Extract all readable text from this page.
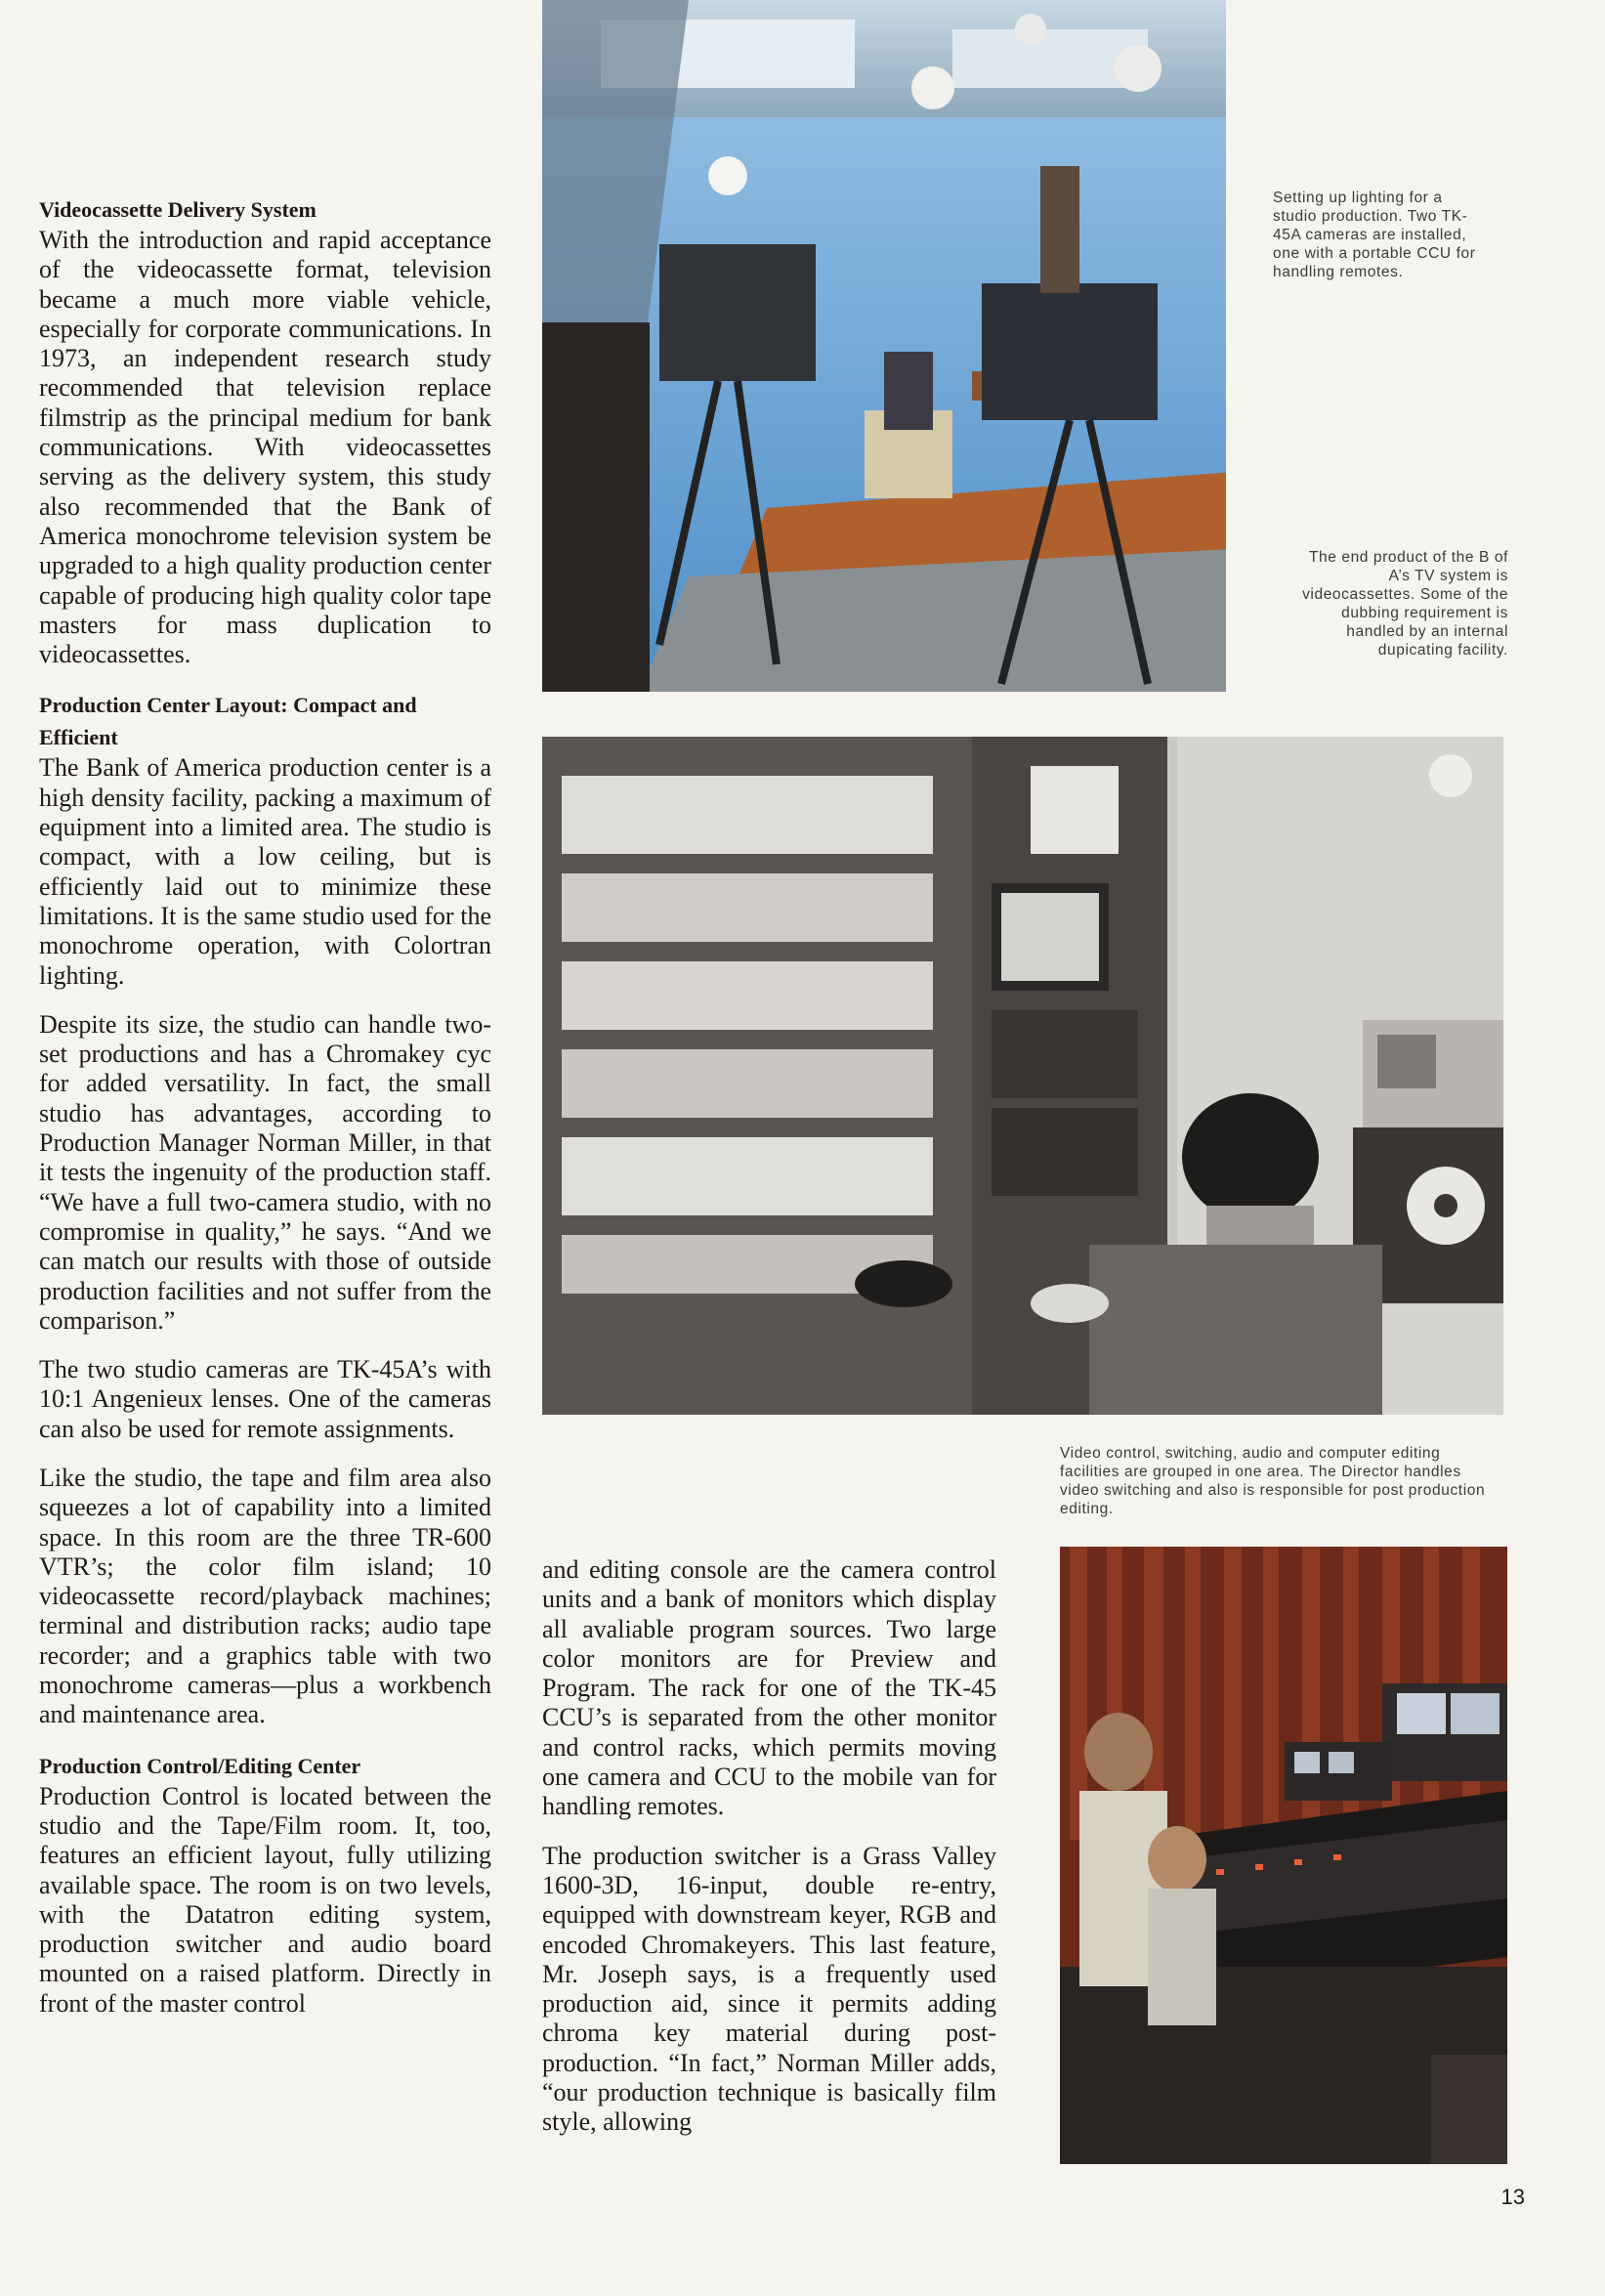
Videocassette Delivery System

With the introduction and rapid acceptance of the videocassette format, television became a much more viable vehicle, especially for corporate communications. In 1973, an independent research study recommended that television replace filmstrip as the principal medium for bank communications. With videocassettes serving as the delivery system, this study also recommended that the Bank of America monochrome television system be upgraded to a high quality production center capable of producing high quality color tape masters for mass duplication to videocassettes.

Production Center Layout: Compact and Efficient

The Bank of America production center is a high density facility, packing a maximum of equipment into a limited area. The studio is compact, with a low ceiling, but is efficiently laid out to minimize these limitations. It is the same studio used for the monochrome operation, with Colortran lighting.

Despite its size, the studio can handle two-set productions and has a Chromakey cyc for added versatility. In fact, the small studio has advantages, according to Production Manager Norman Miller, in that it tests the ingenuity of the production staff. “We have a full two-camera studio, with no compromise in quality,” he says. “And we can match our results with those of outside production facilities and not suffer from the comparison.”

The two studio cameras are TK-45A’s with 10:1 Angenieux lenses. One of the cameras can also be used for remote assignments.

Like the studio, the tape and film area also squeezes a lot of capability into a limited space. In this room are the three TR-600 VTR’s; the color film island; 10 videocassette record/playback machines; terminal and distribution racks; audio tape recorder; and a graphics table with two monochrome cameras—plus a workbench and maintenance area.

Production Control/Editing Center

Production Control is located between the studio and the Tape/Film room. It, too, features an efficient layout, fully utilizing available space. The room is on two levels, with the Datatron editing system, production switcher and audio board mounted on a raised platform. Directly in front of the master control

and editing console are the camera control units and a bank of monitors which display all avaliable program sources. Two large color monitors are for Preview and Program. The rack for one of the TK-45 CCU’s is separated from the other monitor and control racks, which permits moving one camera and CCU to the mobile van for handling remotes.

The production switcher is a Grass Valley 1600-3D, 16-input, double re-entry, equipped with downstream keyer, RGB and encoded Chromakeyers. This last feature, Mr. Joseph says, is a frequently used production aid, since it permits adding chroma key material during post-production. “In fact,” Norman Miller adds, “our production technique is basically film style, allowing

Setting up lighting for a studio production. Two TK-45A cameras are installed, one with a portable CCU for handling remotes.
The end product of the B of A’s TV system is videocassettes. Some of the dubbing requirement is handled by an internal dupicating facility.
Video control, switching, audio and computer editing facilities are grouped in one area. The Director handles video switching and also is responsible for post production editing.
13
